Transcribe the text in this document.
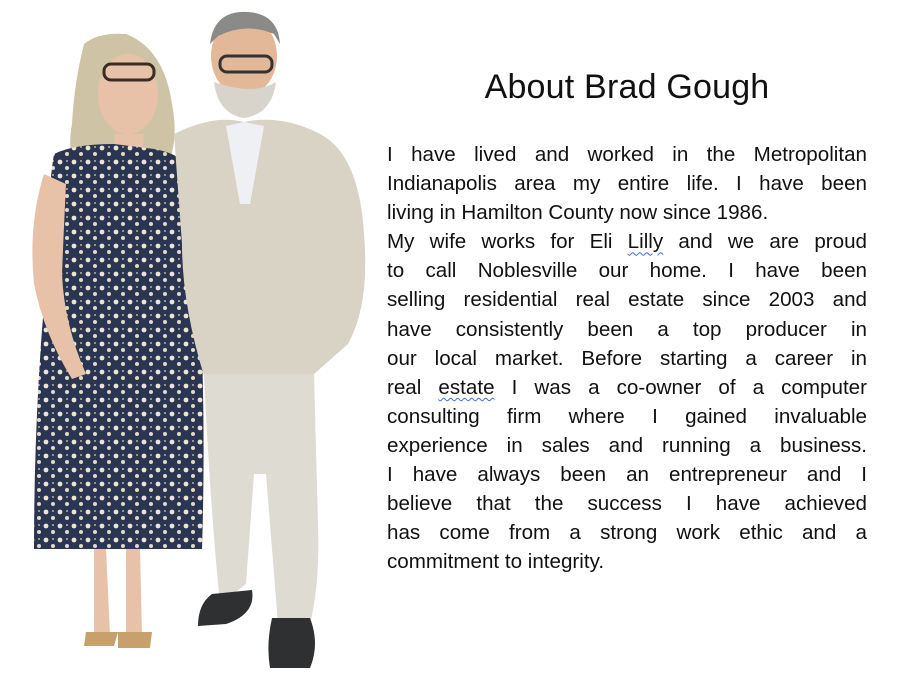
About Brad Gough

I have lived and worked in the Metropolitan
Indianapolis area my entire life. I have been
living in Hamilton County now since 1986.
My wife works for Eli Lilly and we are proud
to call Noblesville our home. I have been
selling residential real estate since 2003 and
have consistently been a top producer in
our local market. Before starting a career in
real estate I was a co-owner of a computer
consulting firm where I gained invaluable
experience in sales and running a business.
I have always been an entrepreneur and I
believe that the success I have achieved
has come from a strong work ethic and a
commitment to integrity.
